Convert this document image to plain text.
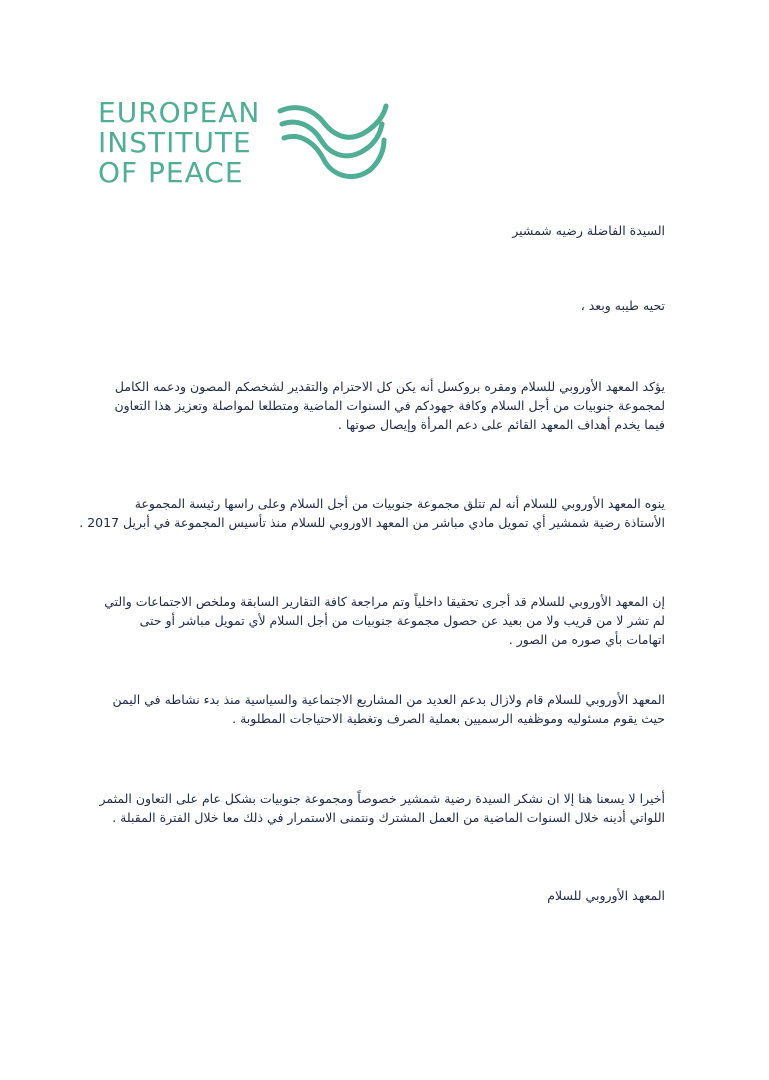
EUROPEAN
INSTITUTE
OF PEACE
السيدة الفاضلة رضيه شمشير
تحيه طيبه وبعد ،
يؤكد المعهد الأوروبي للسلام ومقره بروكسل أنه يكن كل الاحترام والتقدير لشخصكم المصون ودعمه الكامل
لمجموعة جنوبيات من أجل السلام وكافة جهودكم في السنوات الماضية ومتطلعا لمواصلة وتعزيز هذا التعاون
فيما يخدم أهداف المعهد القائم على دعم المرأة وإيصال صوتها .
ينوه المعهد الأوروبي للسلام أنه لم تتلق مجموعة جنوبيات من أجل السلام وعلى راسها رئيسة المجموعة
الأستاذة رضية شمشير أي تمويل مادي مباشر من المعهد الاوروبي للسلام منذ تأسيس المجموعة في أبريل 2017 .
إن المعهد الأوروبي للسلام قد أجرى تحقيقا داخلياً وتم مراجعة كافة التقارير السابقة وملخص الاجتماعات والتي
لم تشر لا من قريب ولا من بعيد عن حصول مجموعة جنوبيات من أجل السلام لأي تمويل مباشر أو حتى
اتهامات بأي صوره من الصور .
المعهد الأوروبي للسلام قام ولازال بدعم العديد من المشاريع الاجتماعية والسياسية منذ بدء نشاطه في اليمن
حيث يقوم مسئوليه وموظفيه الرسميين بعملية الصرف وتغطية الاحتياجات المطلوبة .
أخيرا لا يسعنا هنا إلا ان نشكر السيدة رضية شمشير خصوصاً ومجموعة جنوبيات بشكل عام على التعاون المثمر
اللواتي أدينه خلال السنوات الماضية من العمل المشترك ونتمنى الاستمرار في ذلك معا خلال الفترة المقبلة .
المعهد الأوروبي للسلام
